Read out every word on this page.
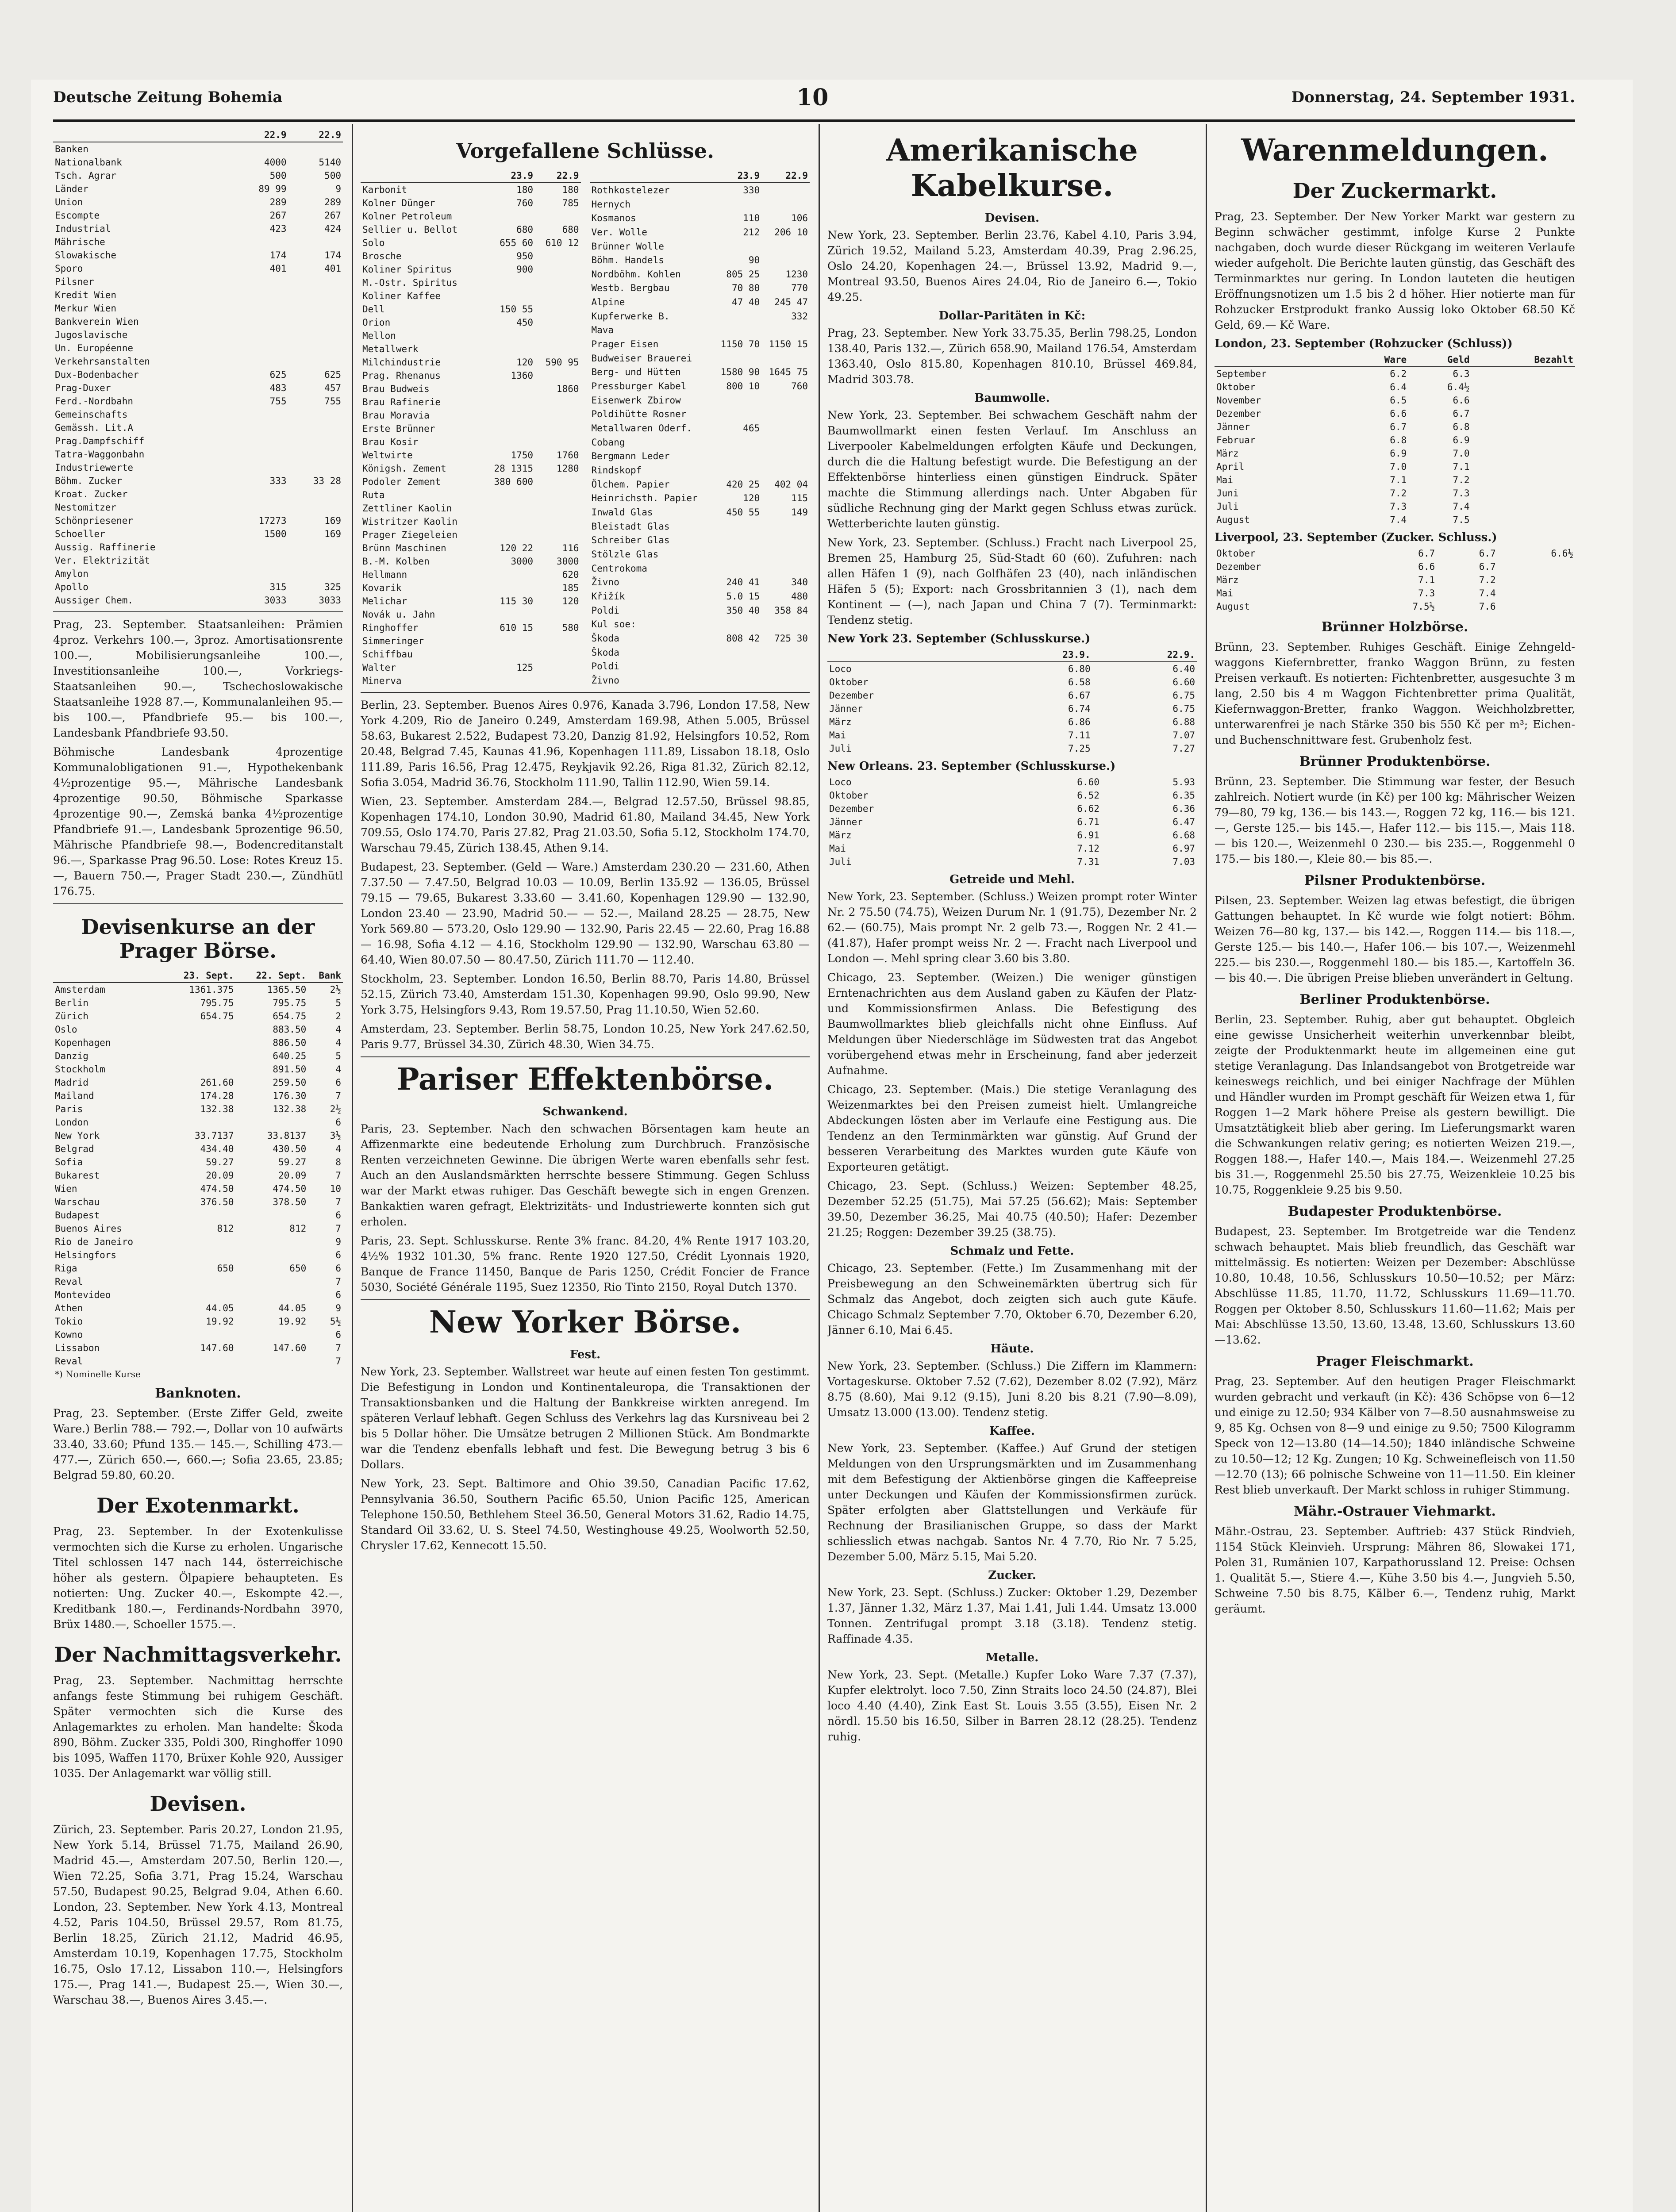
Deutsche Zeitung Bohemia	10	Donnerstag, 24. September 1931.
	22.9	22.9
Banken		
Nationalbank	4000	5140
Tsch. Agrar	500	500
Länder	89 99	9
Union	289	289
Escompte	267	267
Industrial	423	424
Mährische		
Slowakische	174	174
Sporo	401	401
Pilsner		
Kredit Wien		
Merkur Wien		
Bankverein Wien		
Jugoslavische		
Un. Européenne		
Verkehrsanstalten		
Dux-Bodenbacher	625	625
Prag-Duxer	483	457
Ferd.-Nordbahn	755	755
Gemeinschafts		
Gemässh. Lit.A		
Prag.Dampfschiff		
Tatra-Waggonbahn		
Industriewerte		
Böhm. Zucker	333	33 28
Kroat. Zucker		
Nestomitzer		
Schönpriesener	17273	169
Schoeller	1500	169
Aussig. Raffinerie		
Ver. Elektrizität		
Amylon		
Apollo	315	325
Aussiger Chem.	3033	3033

Prag, 23. September. Staatsanleihen: Prämien 4proz. Verkehrs 100.—, 3proz. Amortisationsrente 100.—, Mobilisierungsanleihe 100.—, Investitionsanleihe 100.—, Vorkriegs-Staatsanleihen 90.—, Tschechoslowakische Staatsanleihe 1928 87.—, Kommunalanleihen 95.— bis 100.—, Pfandbriefe 95.— bis 100.—, Landesbank Pfandbriefe 93.50.

Böhmische Landesbank 4prozentige Kommunalobligationen 91.—, Hypothekenbank 4½prozentige 95.—, Mährische Landesbank 4prozentige 90.50, Böhmische Sparkasse 4prozentige 90.—, Zemská banka 4½prozentige Pfandbriefe 91.—, Landesbank 5prozentige 96.50, Mährische Pfandbriefe 98.—, Bodencreditanstalt 96.—, Sparkasse Prag 96.50. Lose: Rotes Kreuz 15.—, Bauern 750.—, Prager Stadt 230.—, Zündhütl 176.75.

Devisenkurse an der Prager Börse.
	23. Sept.	22. Sept.	Bank
Amsterdam	1361.375	1365.50	2½
Berlin	795.75	795.75	5
Zürich	654.75	654.75	2
Oslo		883.50	4
Kopenhagen		886.50	4
Danzig		640.25	5
Stockholm		891.50	4
Madrid	261.60	259.50	6
Mailand	174.28	176.30	7
Paris	132.38	132.38	2½
London			6
New York	33.7137	33.8137	3½
Belgrad	434.40	430.50	4
Sofia	59.27	59.27	8
Bukarest	20.09	20.09	7
Wien	474.50	474.50	10
Warschau	376.50	378.50	7
Budapest			6
Buenos Aires	812	812	7
Rio de Janeiro			9
Helsingfors			6
Riga	650	650	6
Reval			7
Montevideo			6
Athen	44.05	44.05	9
Tokio	19.92	19.92	5½
Kowno			6
Lissabon	147.60	147.60	7
Reval			7
*) Nominelle Kurse
Banknoten.

Prag, 23. September. (Erste Ziffer Geld, zweite Ware.) Berlin 788.— 792.—, Dollar von 10 aufwärts 33.40, 33.60; Pfund 135.— 145.—, Schilling 473.— 477.—, Zürich 650.—, 660.—; Sofia 23.65, 23.85; Belgrad 59.80, 60.20.

Der Exotenmarkt.

Prag, 23. September. In der Exotenkulisse vermochten sich die Kurse zu erholen. Ungarische Titel schlossen 147 nach 144, österreichische höher als gestern. Ölpapiere behaupteten. Es notierten: Ung. Zucker 40.—, Eskompte 42.—, Kreditbank 180.—, Ferdinands-Nordbahn 3970, Brüx 1480.—, Schoeller 1575.—.

Der Nachmittagsverkehr.

Prag, 23. September. Nachmittag herrschte anfangs feste Stimmung bei ruhigem Geschäft. Später vermochten sich die Kurse des Anlagemarktes zu erholen. Man handelte: Škoda 890, Böhm. Zucker 335, Poldi 300, Ringhoffer 1090 bis 1095, Waffen 1170, Brüxer Kohle 920, Aussiger 1035. Der Anlagemarkt war völlig still.

Devisen.

Zürich, 23. September. Paris 20.27, London 21.95, New York 5.14, Brüssel 71.75, Mailand 26.90, Madrid 45.—, Amsterdam 207.50, Berlin 120.—, Wien 72.25, Sofia 3.71, Prag 15.24, Warschau 57.50, Budapest 90.25, Belgrad 9.04, Athen 6.60. London, 23. September. New York 4.13, Montreal 4.52, Paris 104.50, Brüssel 29.57, Rom 81.75, Berlin 18.25, Zürich 21.12, Madrid 46.95, Amsterdam 10.19, Kopenhagen 17.75, Stockholm 16.75, Oslo 17.12, Lissabon 110.—, Helsingfors 175.—, Prag 141.—, Budapest 25.—, Wien 30.—, Warschau 38.—, Buenos Aires 3.45.—.

Vorgefallene Schlüsse.
	23.9	22.9
Karbonit	180	180
Kolner Dünger	760	785
Kolner Petroleum		
Sellier u. Bellot	680	680
Solo	655 60	610 12
Brosche	950	
Koliner Spiritus	900	
M.-Ostr. Spiritus		
Koliner Kaffee		
Dell	150 55	
Orion	450	
Mellon		
Metallwerk		
Milchindustrie	120	590 95
Prag. Rhenanus	1360	
Brau Budweis		1860
Brau Rafinerie		
Brau Moravia		
Erste Brünner		
Brau Kosir		
Weltwirte	1750	1760
Königsh. Zement	28 1315	1280
Podoler Zement	380 600	
Ruta		
Zettliner Kaolin		
Wistritzer Kaolin		
Prager Ziegeleien		
Brünn Maschinen	120 22	116
B.-M. Kolben	3000	3000
Hellmann		620
Kovarik		185
Melichar	115 30	120
Novák u. Jahn		
Ringhoffer	610 15	580
Simmeringer		
Schiffbau		
Walter	125	
Minerva		
	23.9	22.9
Rothkostelezer	330	
Hernych		
Kosmanos	110	106
Ver. Wolle	212	206 10
Brünner Wolle		
Böhm. Handels	90	
Nordböhm. Kohlen	805 25	1230
Westb. Bergbau	70 80	770
Alpine	47 40	245 47
Kupferwerke B.		332
Mava		
Prager Eisen	1150 70	1150 15
Budweiser Brauerei		
Berg- und Hütten	1580 90	1645 75
Pressburger Kabel	800 10	760
Eisenwerk Zbirow		
Poldihütte Rosner		
Metallwaren Oderf.	465	
Cobang		
Bergmann Leder		
Rindskopf		
Ölchem. Papier	420 25	402 04
Heinrichsth. Papier	120	115
Inwald Glas	450 55	149
Bleistadt Glas		
Schreiber Glas		
Stölzle Glas		
Centrokoma		
Živno	240 41	340
Křižík	5.0 15	480
Poldi	350 40	358 84
Kul soe:		
Škoda	808 42	725 30
Škoda		
Poldi		
Živno		

Berlin, 23. September. Buenos Aires 0.976, Kanada 3.796, London 17.58, New York 4.209, Rio de Janeiro 0.249, Amsterdam 169.98, Athen 5.005, Brüssel 58.63, Bukarest 2.522, Budapest 73.20, Danzig 81.92, Helsingfors 10.52, Rom 20.48, Belgrad 7.45, Kaunas 41.96, Kopenhagen 111.89, Lissabon 18.18, Oslo 111.89, Paris 16.56, Prag 12.475, Reykjavik 92.26, Riga 81.32, Zürich 82.12, Sofia 3.054, Madrid 36.76, Stockholm 111.90, Tallin 112.90, Wien 59.14.

Wien, 23. September. Amsterdam 284.—, Belgrad 12.57.50, Brüssel 98.85, Kopenhagen 174.10, London 30.90, Madrid 61.80, Mailand 34.45, New York 709.55, Oslo 174.70, Paris 27.82, Prag 21.03.50, Sofia 5.12, Stockholm 174.70, Warschau 79.45, Zürich 138.45, Athen 9.14.

Budapest, 23. September. (Geld — Ware.) Amsterdam 230.20 — 231.60, Athen 7.37.50 — 7.47.50, Belgrad 10.03 — 10.09, Berlin 135.92 — 136.05, Brüssel 79.15 — 79.65, Bukarest 3.33.60 — 3.41.60, Kopenhagen 129.90 — 132.90, London 23.40 — 23.90, Madrid 50.— — 52.—, Mailand 28.25 — 28.75, New York 569.80 — 573.20, Oslo 129.90 — 132.90, Paris 22.45 — 22.60, Prag 16.88 — 16.98, Sofia 4.12 — 4.16, Stockholm 129.90 — 132.90, Warschau 63.80 — 64.40, Wien 80.07.50 — 80.47.50, Zürich 111.70 — 112.40.

Stockholm, 23. September. London 16.50, Berlin 88.70, Paris 14.80, Brüssel 52.15, Zürich 73.40, Amsterdam 151.30, Kopenhagen 99.90, Oslo 99.90, New York 3.75, Helsingfors 9.43, Rom 19.57.50, Prag 11.10.50, Wien 52.60.

Amsterdam, 23. September. Berlin 58.75, London 10.25, New York 247.62.50, Paris 9.77, Brüssel 34.30, Zürich 48.30, Wien 34.75.

Pariser Effektenbörse.
Schwankend.

Paris, 23. September. Nach den schwachen Börsentagen kam heute an Affizenmarkte eine bedeutende Erholung zum Durchbruch. Französische Renten verzeichneten Gewinne. Die übrigen Werte waren ebenfalls sehr fest. Auch an den Auslandsmärkten herrschte bessere Stimmung. Gegen Schluss war der Markt etwas ruhiger. Das Geschäft bewegte sich in engen Grenzen. Bankaktien waren gefragt, Elektrizitäts- und Industriewerte konnten sich gut erholen.

Paris, 23. Sept. Schlusskurse. Rente 3% franc. 84.20, 4% Rente 1917 103.20, 4½% 1932 101.30, 5% franc. Rente 1920 127.50, Crédit Lyonnais 1920, Banque de France 11450, Banque de Paris 1250, Crédit Foncier de France 5030, Société Générale 1195, Suez 12350, Rio Tinto 2150, Royal Dutch 1370.

New Yorker Börse.
Fest.

New York, 23. September. Wallstreet war heute auf einen festen Ton gestimmt. Die Befestigung in London und Kontinentaleuropa, die Transaktionen der Transaktionsbanken und die Haltung der Bankkreise wirkten anregend. Im späteren Verlauf lebhaft. Gegen Schluss des Verkehrs lag das Kursniveau bei 2 bis 5 Dollar höher. Die Umsätze betrugen 2 Millionen Stück. Am Bondmarkte war die Tendenz ebenfalls lebhaft und fest. Die Bewegung betrug 3 bis 6 Dollars.

New York, 23. Sept. Baltimore and Ohio 39.50, Canadian Pacific 17.62, Pennsylvania 36.50, Southern Pacific 65.50, Union Pacific 125, American Telephone 150.50, Bethlehem Steel 36.50, General Motors 31.62, Radio 14.75, Standard Oil 33.62, U. S. Steel 74.50, Westinghouse 49.25, Woolworth 52.50, Chrysler 17.62, Kennecott 15.50.

Amerikanische Kabelkurse.
Devisen.

New York, 23. September. Berlin 23.76, Kabel 4.10, Paris 3.94, Zürich 19.52, Mailand 5.23, Amsterdam 40.39, Prag 2.96.25, Oslo 24.20, Kopenhagen 24.—, Brüssel 13.92, Madrid 9.—, Montreal 93.50, Buenos Aires 24.04, Rio de Janeiro 6.—, Tokio 49.25.

Dollar-Paritäten in Kč:

Prag, 23. September. New York 33.75.35, Berlin 798.25, London 138.40, Paris 132.—, Zürich 658.90, Mailand 176.54, Amsterdam 1363.40, Oslo 815.80, Kopenhagen 810.10, Brüssel 469.84, Madrid 303.78.

Baumwolle.

New York, 23. September. Bei schwachem Geschäft nahm der Baumwollmarkt einen festen Verlauf. Im Anschluss an Liverpooler Kabelmeldungen erfolgten Käufe und Deckungen, durch die die Haltung befestigt wurde. Die Befestigung an der Effektenbörse hinterliess einen günstigen Eindruck. Später machte die Stimmung allerdings nach. Unter Abgaben für südliche Rechnung ging der Markt gegen Schluss etwas zurück. Wetterberichte lauten günstig.

New York, 23. September. (Schluss.) Fracht nach Liverpool 25, Bremen 25, Hamburg 25, Süd-Stadt 60 (60). Zufuhren: nach allen Häfen 1 (9), nach Golfhäfen 23 (40), nach inländischen Häfen 5 (5); Export: nach Grossbritannien 3 (1), nach dem Kontinent — (—), nach Japan und China 7 (7). Terminmarkt: Tendenz stetig.

New York 23. September (Schlusskurse.)
	23.9.	22.9.
Loco	6.80	6.40
Oktober	6.58	6.60
Dezember	6.67	6.75
Jänner	6.74	6.75
März	6.86	6.88
Mai	7.11	7.07
Juli	7.25	7.27
New Orleans. 23. September (Schlusskurse.)
Loco	6.60	5.93
Oktober	6.52	6.35
Dezember	6.62	6.36
Jänner	6.71	6.47
März	6.91	6.68
Mai	7.12	6.97
Juli	7.31	7.03
Getreide und Mehl.

New York, 23. September. (Schluss.) Weizen prompt roter Winter Nr. 2 75.50 (74.75), Weizen Durum Nr. 1 (91.75), Dezember Nr. 2 62.— (60.75), Mais prompt Nr. 2 gelb 73.—, Roggen Nr. 2 41.— (41.87), Hafer prompt weiss Nr. 2 —. Fracht nach Liverpool und London —. Mehl spring clear 3.60 bis 3.80.

Chicago, 23. September. (Weizen.) Die weniger günstigen Erntenachrichten aus dem Ausland gaben zu Käufen der Platz- und Kommissionsfirmen Anlass. Die Befestigung des Baumwollmarktes blieb gleichfalls nicht ohne Einfluss. Auf Meldungen über Niederschläge im Südwesten trat das Angebot vorübergehend etwas mehr in Erscheinung, fand aber jederzeit Aufnahme.

Chicago, 23. September. (Mais.) Die stetige Veranlagung des Weizenmarktes bei den Preisen zumeist hielt. Umlangreiche Abdeckungen lösten aber im Verlaufe eine Festigung aus. Die Tendenz an den Terminmärkten war günstig. Auf Grund der besseren Verarbeitung des Marktes wurden gute Käufe von Exporteuren getätigt.

Chicago, 23. Sept. (Schluss.) Weizen: September 48.25, Dezember 52.25 (51.75), Mai 57.25 (56.62); Mais: September 39.50, Dezember 36.25, Mai 40.75 (40.50); Hafer: Dezember 21.25; Roggen: Dezember 39.25 (38.75).

Schmalz und Fette.

Chicago, 23. September. (Fette.) Im Zusammenhang mit der Preisbewegung an den Schweinemärkten übertrug sich für Schmalz das Angebot, doch zeigten sich auch gute Käufe. Chicago Schmalz September 7.70, Oktober 6.70, Dezember 6.20, Jänner 6.10, Mai 6.45.

Häute.

New York, 23. September. (Schluss.) Die Ziffern im Klammern: Vortageskurse. Oktober 7.52 (7.62), Dezember 8.02 (7.92), März 8.75 (8.60), Mai 9.12 (9.15), Juni 8.20 bis 8.21 (7.90—8.09), Umsatz 13.000 (13.00). Tendenz stetig.

Kaffee.

New York, 23. September. (Kaffee.) Auf Grund der stetigen Meldungen von den Ursprungsmärkten und im Zusammenhang mit dem Befestigung der Aktienbörse gingen die Kaffeepreise unter Deckungen und Käufen der Kommissionsfirmen zurück. Später erfolgten aber Glattstellungen und Verkäufe für Rechnung der Brasilianischen Gruppe, so dass der Markt schliesslich etwas nachgab. Santos Nr. 4 7.70, Rio Nr. 7 5.25, Dezember 5.00, März 5.15, Mai 5.20.

Zucker.

New York, 23. Sept. (Schluss.) Zucker: Oktober 1.29, Dezember 1.37, Jänner 1.32, März 1.37, Mai 1.41, Juli 1.44. Umsatz 13.000 Tonnen. Zentrifugal prompt 3.18 (3.18). Tendenz stetig. Raffinade 4.35.

Metalle.

New York, 23. Sept. (Metalle.) Kupfer Loko Ware 7.37 (7.37), Kupfer elektrolyt. loco 7.50, Zinn Straits loco 24.50 (24.87), Blei loco 4.40 (4.40), Zink East St. Louis 3.55 (3.55), Eisen Nr. 2 nördl. 15.50 bis 16.50, Silber in Barren 28.12 (28.25). Tendenz ruhig.

Warenmeldungen.
Der Zuckermarkt.

Prag, 23. September. Der New Yorker Markt war gestern zu Beginn schwächer gestimmt, infolge Kurse 2 Punkte nachgaben, doch wurde dieser Rückgang im weiteren Verlaufe wieder aufgeholt. Die Berichte lauten günstig, das Geschäft des Terminmarktes nur gering. In London lauteten die heutigen Eröffnungsnotizen um 1.5 bis 2 d höher. Hier notierte man für Rohzucker Erstprodukt franko Aussig loko Oktober 68.50 Kč Geld, 69.— Kč Ware.

London, 23. September (Rohzucker (Schluss))
	Ware	Geld	Bezahlt
September	6.2	6.3	
Oktober	6.4	6.4½	
November	6.5	6.6	
Dezember	6.6	6.7	
Jänner	6.7	6.8	
Februar	6.8	6.9	
März	6.9	7.0	
April	7.0	7.1	
Mai	7.1	7.2	
Juni	7.2	7.3	
Juli	7.3	7.4	
August	7.4	7.5	
Liverpool, 23. September (Zucker. Schluss.)
Oktober	6.7	6.7	6.6½
Dezember	6.6	6.7	
März	7.1	7.2	
Mai	7.3	7.4	
August	7.5½	7.6	
Brünner Holzbörse.

Brünn, 23. September. Ruhiges Geschäft. Einige Zehngeld-waggons Kiefernbretter, franko Waggon Brünn, zu festen Preisen verkauft. Es notierten: Fichtenbretter, ausgesuchte 3 m lang, 2.50 bis 4 m Waggon Fichtenbretter prima Qualität, Kiefernwaggon-Bretter, franko Waggon. Weichholzbretter, unterwarenfrei je nach Stärke 350 bis 550 Kč per m³; Eichen- und Buchenschnittware fest. Grubenholz fest.

Brünner Produktenbörse.

Brünn, 23. September. Die Stimmung war fester, der Besuch zahlreich. Notiert wurde (in Kč) per 100 kg: Mährischer Weizen 79—80, 79 kg, 136.— bis 143.—, Roggen 72 kg, 116.— bis 121.—, Gerste 125.— bis 145.—, Hafer 112.— bis 115.—, Mais 118.— bis 120.—, Weizenmehl 0 230.— bis 235.—, Roggenmehl 0 175.— bis 180.—, Kleie 80.— bis 85.—.

Pilsner Produktenbörse.

Pilsen, 23. September. Weizen lag etwas befestigt, die übrigen Gattungen behauptet. In Kč wurde wie folgt notiert: Böhm. Weizen 76—80 kg, 137.— bis 142.—, Roggen 114.— bis 118.—, Gerste 125.— bis 140.—, Hafer 106.— bis 107.—, Weizenmehl 225.— bis 230.—, Roggenmehl 180.— bis 185.—, Kartoffeln 36.— bis 40.—. Die übrigen Preise blieben unverändert in Geltung.

Berliner Produktenbörse.

Berlin, 23. September. Ruhig, aber gut behauptet. Obgleich eine gewisse Unsicherheit weiterhin unverkennbar bleibt, zeigte der Produktenmarkt heute im allgemeinen eine gut stetige Veranlagung. Das Inlandsangebot von Brotgetreide war keineswegs reichlich, und bei einiger Nachfrage der Mühlen und Händler wurden im Prompt geschäft für Weizen etwa 1, für Roggen 1—2 Mark höhere Preise als gestern bewilligt. Die Umsatztätigkeit blieb aber gering. Im Lieferungsmarkt waren die Schwankungen relativ gering; es notierten Weizen 219.—, Roggen 188.—, Hafer 140.—, Mais 184.—. Weizenmehl 27.25 bis 31.—, Roggenmehl 25.50 bis 27.75, Weizenkleie 10.25 bis 10.75, Roggenkleie 9.25 bis 9.50.

Budapester Produktenbörse.

Budapest, 23. September. Im Brotgetreide war die Tendenz schwach behauptet. Mais blieb freundlich, das Geschäft war mittelmässig. Es notierten: Weizen per Dezember: Abschlüsse 10.80, 10.48, 10.56, Schlusskurs 10.50—10.52; per März: Abschlüsse 11.85, 11.70, 11.72, Schlusskurs 11.69—11.70. Roggen per Oktober 8.50, Schlusskurs 11.60—11.62; Mais per Mai: Abschlüsse 13.50, 13.60, 13.48, 13.60, Schlusskurs 13.60—13.62.

Prager Fleischmarkt.

Prag, 23. September. Auf den heutigen Prager Fleischmarkt wurden gebracht und verkauft (in Kč): 436 Schöpse von 6—12 und einige zu 12.50; 934 Kälber von 7—8.50 ausnahmsweise zu 9, 85 Kg. Ochsen von 8—9 und einige zu 9.50; 7500 Kilogramm Speck von 12—13.80 (14—14.50); 1840 inländische Schweine zu 10.50—12; 12 Kg. Zungen; 10 Kg. Schweinefleisch von 11.50—12.70 (13); 66 polnische Schweine von 11—11.50. Ein kleiner Rest blieb unverkauft. Der Markt schloss in ruhiger Stimmung.

Mähr.-Ostrauer Viehmarkt.

Mähr.-Ostrau, 23. September. Auftrieb: 437 Stück Rindvieh, 1154 Stück Kleinvieh. Ursprung: Mähren 86, Slowakei 171, Polen 31, Rumänien 107, Karpathorussland 12. Preise: Ochsen 1. Qualität 5.—, Stiere 4.—, Kühe 3.50 bis 4.—, Jungvieh 5.50, Schweine 7.50 bis 8.75, Kälber 6.—, Tendenz ruhig, Markt geräumt.
